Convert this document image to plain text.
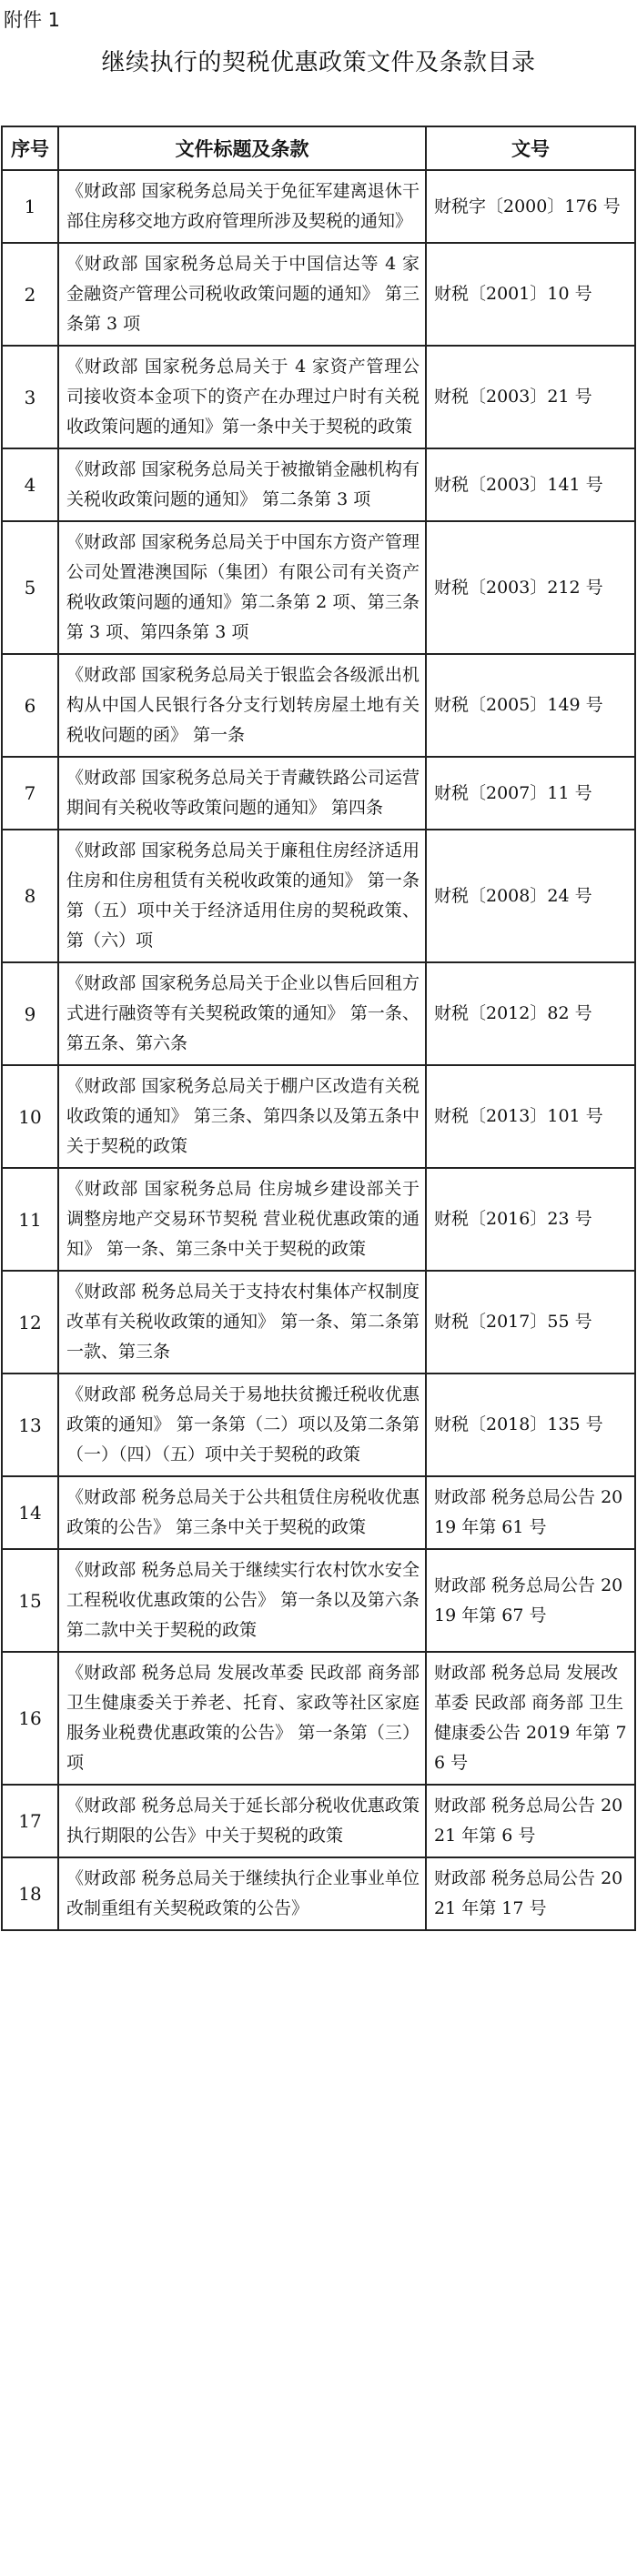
附件 1
继续执行的契税优惠政策文件及条款目录
序号	文件标题及条款	文号
1	《财政部 国家税务总局关于免征军建离退休干部住房移交地方政府管理所涉及契税的通知》	财税字〔2000〕176 号
2	《财政部 国家税务总局关于中国信达等 4 家金融资产管理公司税收政策问题的通知》 第三条第 3 项	财税〔2001〕10 号
3	《财政部 国家税务总局关于 4 家资产管理公司接收资本金项下的资产在办理过户时有关税收政策问题的通知》第一条中关于契税的政策	财税〔2003〕21 号
4	《财政部 国家税务总局关于被撤销金融机构有关税收政策问题的通知》 第二条第 3 项	财税〔2003〕141 号
5	《财政部 国家税务总局关于中国东方资产管理公司处置港澳国际（集团）有限公司有关资产税收政策问题的通知》第二条第 2 项、第三条第 3 项、第四条第 3 项	财税〔2003〕212 号
6	《财政部 国家税务总局关于银监会各级派出机构从中国人民银行各分支行划转房屋土地有关税收问题的函》 第一条	财税〔2005〕149 号
7	《财政部 国家税务总局关于青藏铁路公司运营期间有关税收等政策问题的通知》 第四条	财税〔2007〕11 号
8	《财政部 国家税务总局关于廉租住房经济适用住房和住房租赁有关税收政策的通知》 第一条第（五）项中关于经济适用住房的契税政策、第（六）项	财税〔2008〕24 号
9	《财政部 国家税务总局关于企业以售后回租方式进行融资等有关契税政策的通知》 第一条、第五条、第六条	财税〔2012〕82 号
10	《财政部 国家税务总局关于棚户区改造有关税收政策的通知》 第三条、第四条以及第五条中关于契税的政策	财税〔2013〕101 号
11	《财政部 国家税务总局 住房城乡建设部关于调整房地产交易环节契税 营业税优惠政策的通知》 第一条、第三条中关于契税的政策	财税〔2016〕23 号
12	《财政部 税务总局关于支持农村集体产权制度改革有关税收政策的通知》 第一条、第二条第一款、第三条	财税〔2017〕55 号
13	《财政部 税务总局关于易地扶贫搬迁税收优惠政策的通知》 第一条第（二）项以及第二条第（一）（四）（五）项中关于契税的政策	财税〔2018〕135 号
14	《财政部 税务总局关于公共租赁住房税收优惠政策的公告》 第三条中关于契税的政策	财政部 税务总局公告 2019 年第 61 号
15	《财政部 税务总局关于继续实行农村饮水安全工程税收优惠政策的公告》 第一条以及第六条第二款中关于契税的政策	财政部 税务总局公告 2019 年第 67 号
16	《财政部 税务总局 发展改革委 民政部 商务部 卫生健康委关于养老、托育、家政等社区家庭服务业税费优惠政策的公告》 第一条第（三）项	财政部 税务总局 发展改革委 民政部 商务部 卫生健康委公告 2019 年第 76 号
17	《财政部 税务总局关于延长部分税收优惠政策执行期限的公告》中关于契税的政策	财政部 税务总局公告 2021 年第 6 号
18	《财政部 税务总局关于继续执行企业事业单位改制重组有关契税政策的公告》	财政部 税务总局公告 2021 年第 17 号
